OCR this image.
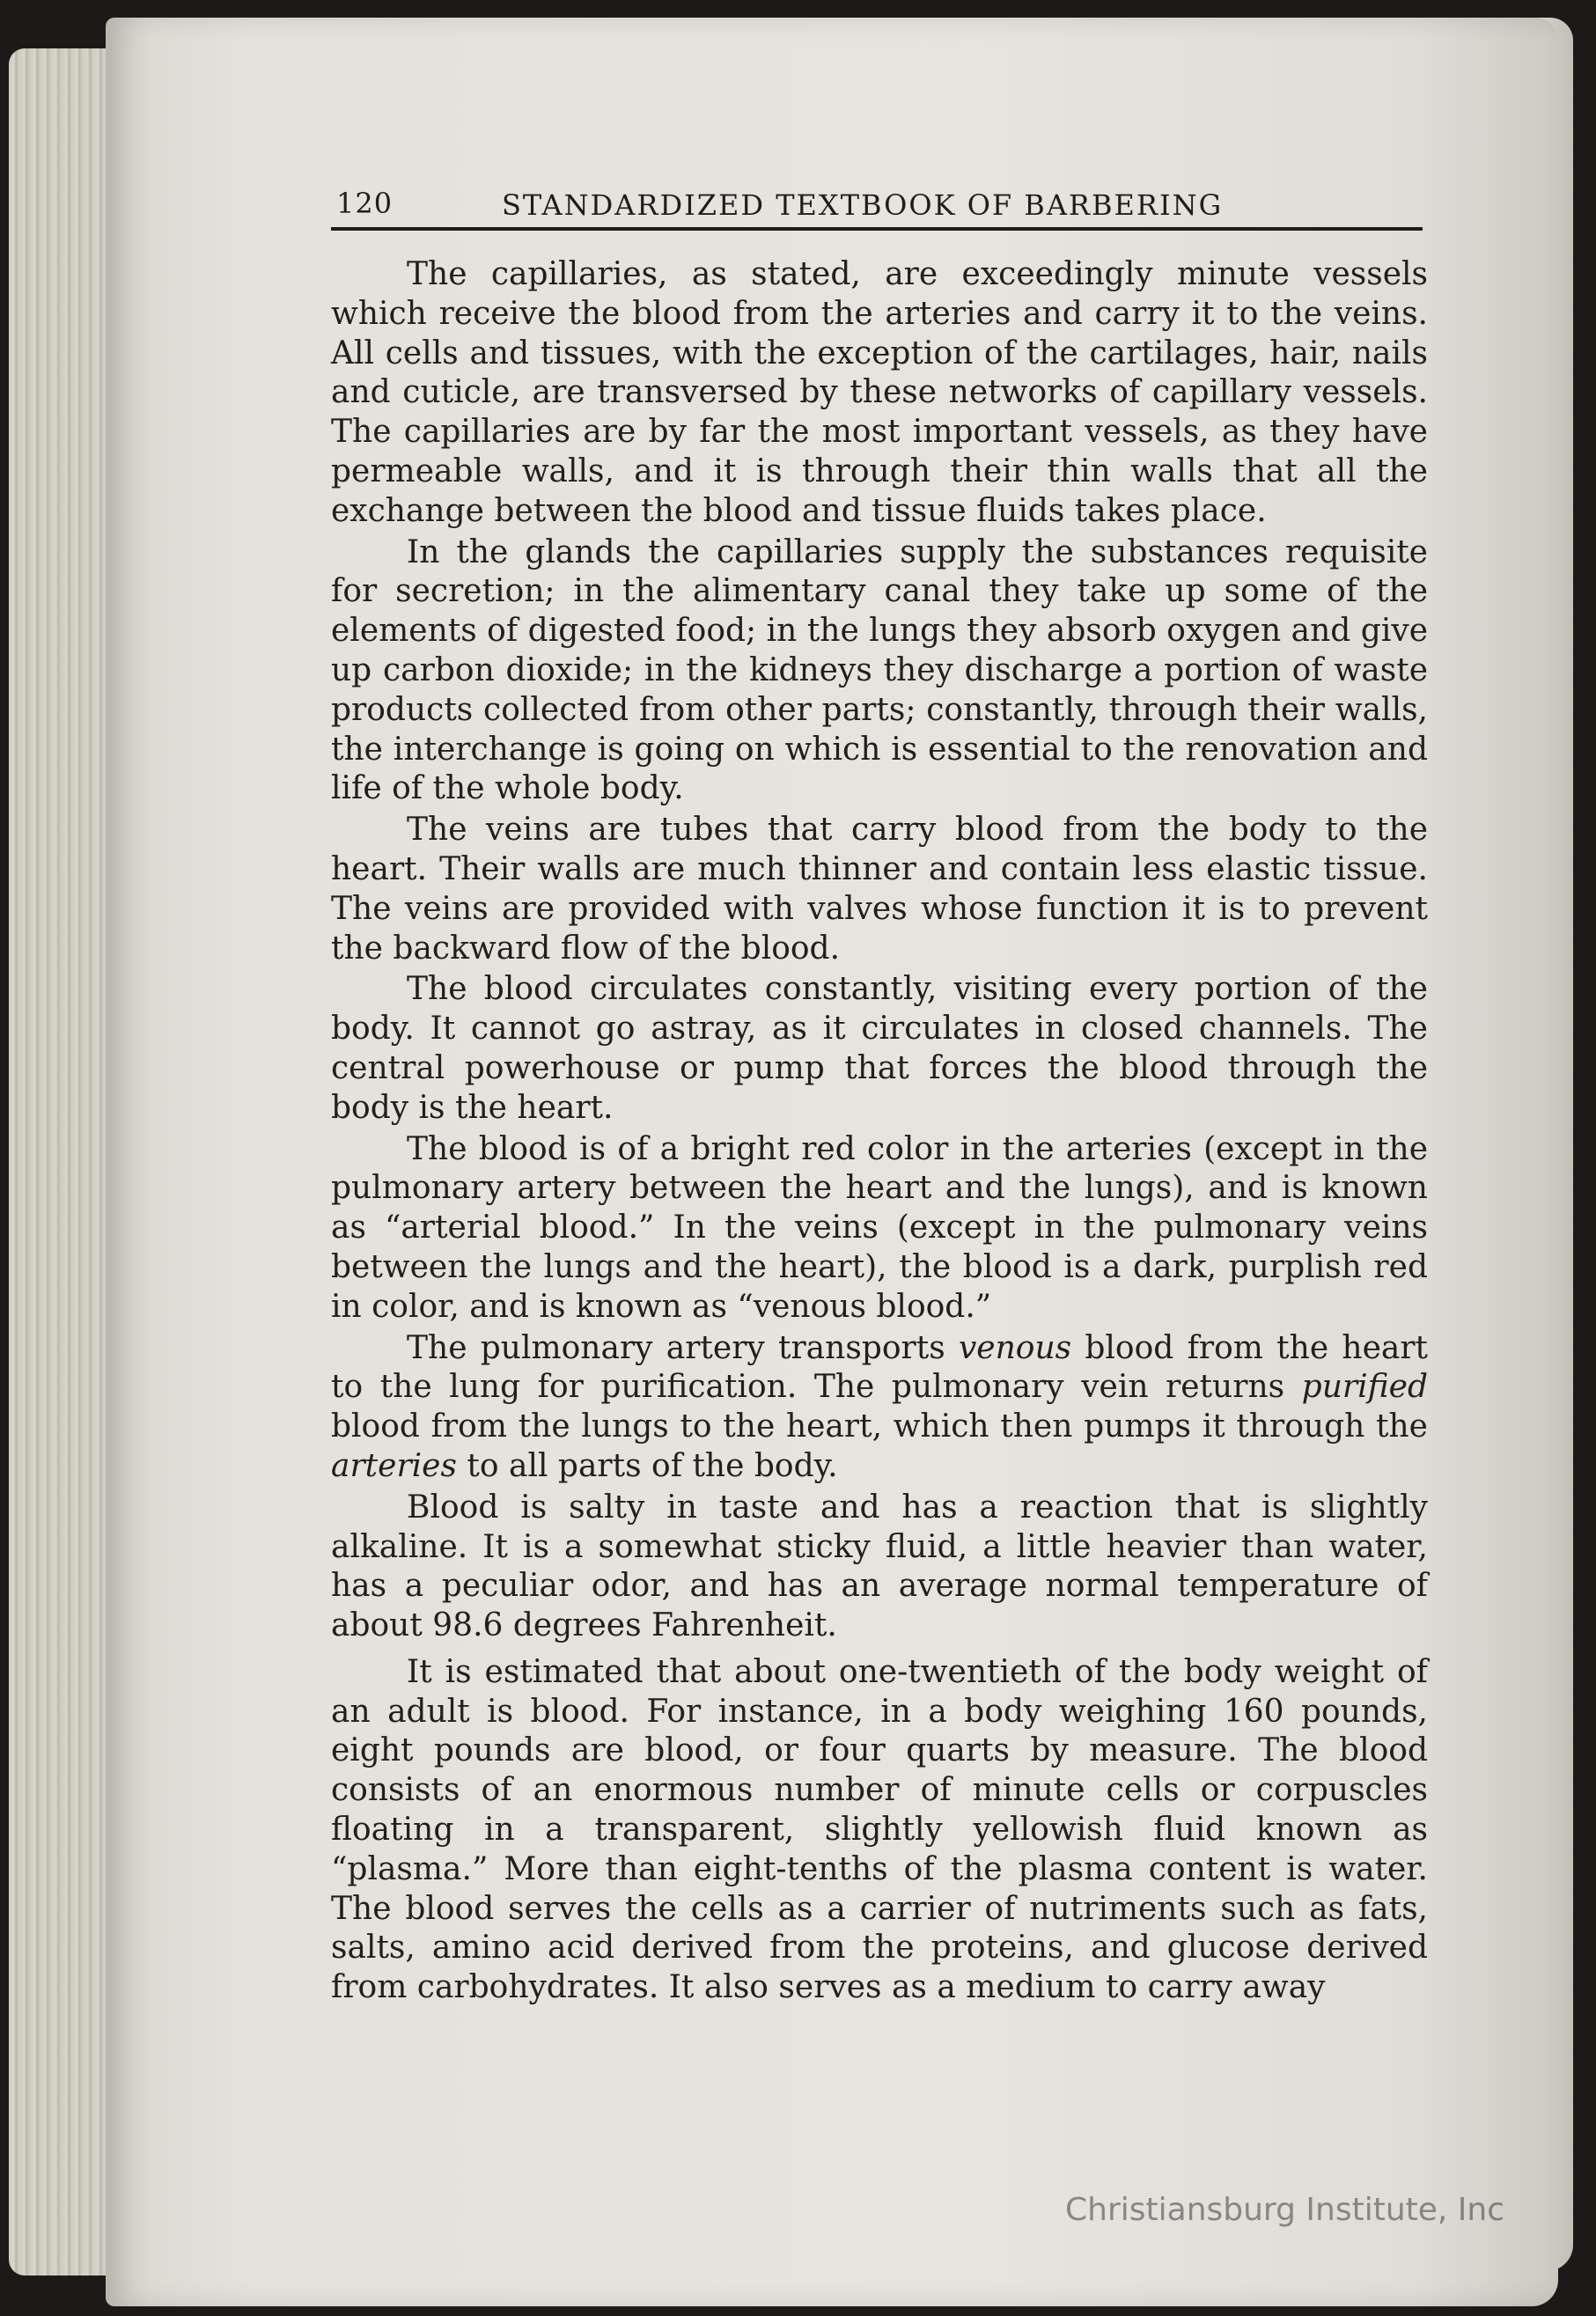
120	STANDARDIZED TEXTBOOK OF BARBERING

The capillaries, as stated, are exceedingly minute vessels which receive the blood from the arteries and carry it to the veins. All cells and tissues, with the exception of the cartilages, hair, nails and cuticle, are transversed by these networks of capillary vessels. The capillaries are by far the most important vessels, as they have permeable walls, and it is through their thin walls that all the exchange between the blood and tissue fluids takes place.

In the glands the capillaries supply the substances requisite for secretion; in the alimentary canal they take up some of the elements of digested food; in the lungs they absorb oxygen and give up carbon dioxide; in the kidneys they discharge a portion of waste products collected from other parts; constantly, through their walls, the interchange is going on which is essential to the renovation and life of the whole body.

The veins are tubes that carry blood from the body to the heart. Their walls are much thinner and contain less elastic tissue. The veins are provided with valves whose function it is to prevent the backward flow of the blood.

The blood circulates constantly, visiting every portion of the body. It cannot go astray, as it circulates in closed channels. The central powerhouse or pump that forces the blood through the body is the heart.

The blood is of a bright red color in the arteries (except in the pulmonary artery between the heart and the lungs), and is known as “arterial blood.” In the veins (except in the pulmonary veins between the lungs and the heart), the blood is a dark, purplish red in color, and is known as “venous blood.”

The pulmonary artery transports venous blood from the heart to the lung for purification. The pulmonary vein returns purified blood from the lungs to the heart, which then pumps it through the arteries to all parts of the body.

Blood is salty in taste and has a reaction that is slightly alkaline. It is a somewhat sticky fluid, a little heavier than water, has a peculiar odor, and has an average normal temperature of about 98.6 degrees Fahrenheit.

It is estimated that about one-twentieth of the body weight of an adult is blood. For instance, in a body weighing 160 pounds, eight pounds are blood, or four quarts by measure. The blood consists of an enormous number of minute cells or corpuscles floating in a transparent, slightly yellowish fluid known as “plasma.” More than eight-tenths of the plasma content is water. The blood serves the cells as a carrier of nutriments such as fats, salts, amino acid derived from the proteins, and glucose derived from carbohydrates. It also serves as a medium to carry away

Christiansburg Institute, Inc
